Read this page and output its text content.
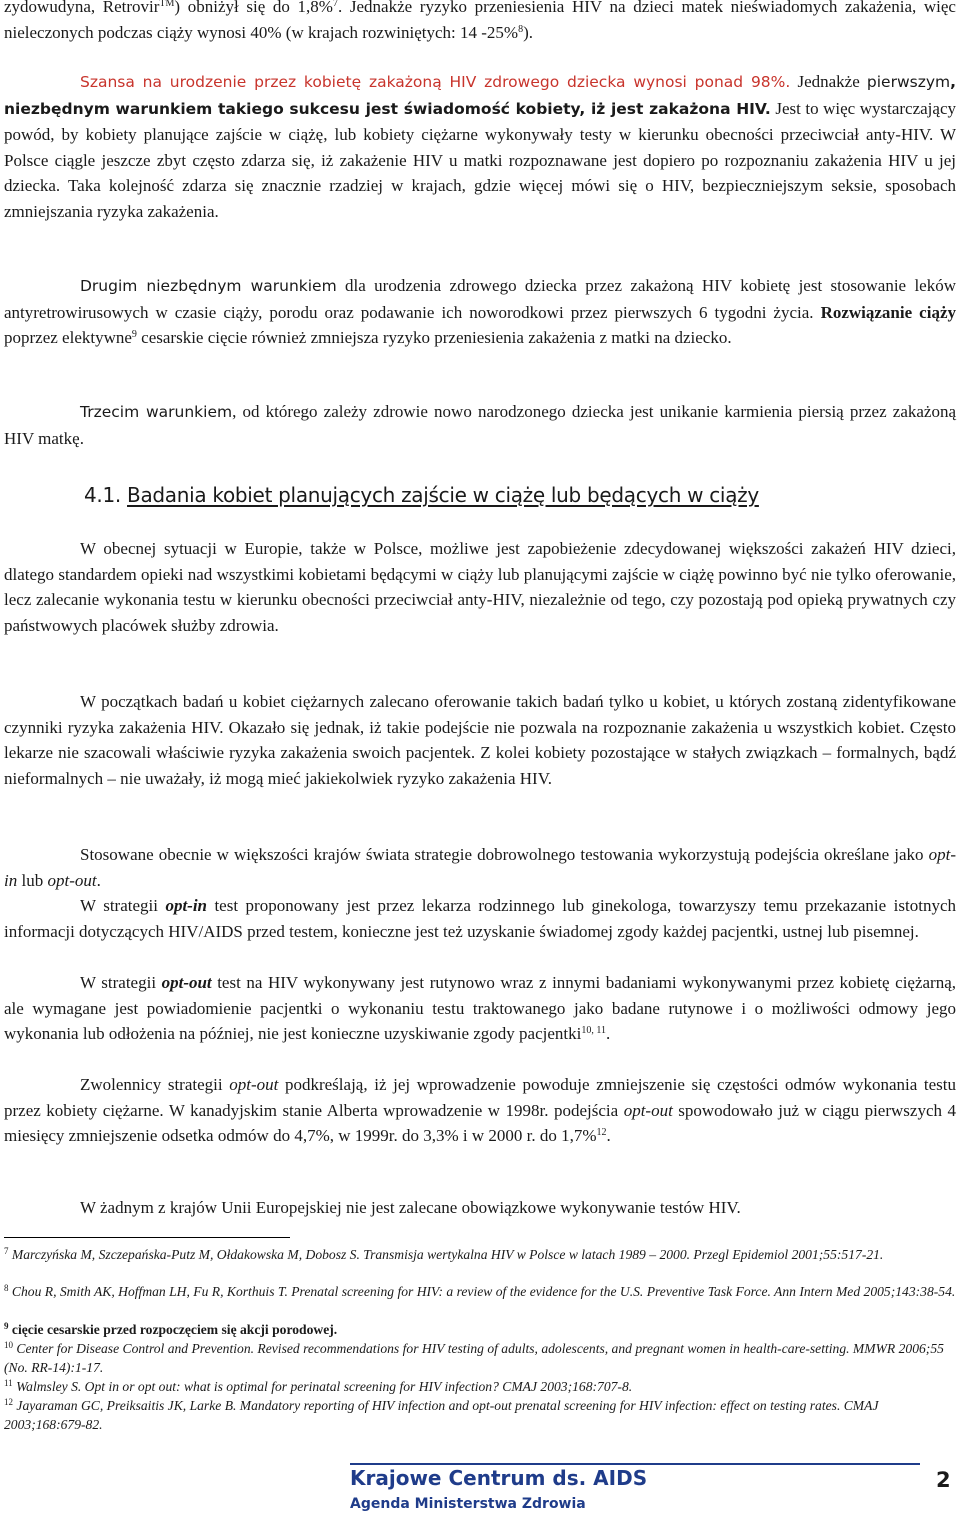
zydowudyna, Retrovir™) obniżył się do 1,8%$^7$. Jednakże ryzyko przeniesienia HIV na dzieci matek nieświadomych zakażenia, więc nieleczonych podczas ciąży wynosi 40% (w krajach rozwiniętych: 14 -25%$^8$).

Szansa na urodzenie przez kobietę zakażoną HIV zdrowego dziecka wynosi ponad 98%. Jednakże pierwszym, niezbędnym warunkiem takiego sukcesu jest świadomość kobiety, iż jest zakażona HIV. Jest to więc wystarczający powód, by kobiety planujące zajście w ciążę, lub kobiety ciężarne wykonywały testy w kierunku obecności przeciwciał anty-HIV. W Polsce ciągle jeszcze zbyt często zdarza się, iż zakażenie HIV u matki rozpoznawane jest dopiero po rozpoznaniu zakażenia HIV u jej dziecka. Taka kolejność zdarza się znacznie rzadziej w krajach, gdzie więcej mówi się o HIV, bezpieczniejszym seksie, sposobach zmniejszania ryzyka zakażenia.

Drugim niezbędnym warunkiem dla urodzenia zdrowego dziecka przez zakażoną HIV kobietę jest stosowanie leków antyretrowirusowych w czasie ciąży, porodu oraz podawanie ich noworodkowi przez pierwszych 6 tygodni życia. Rozwiązanie ciąży poprzez elektywne$^9$ cesarskie cięcie również zmniejsza ryzyko przeniesienia zakażenia z matki na dziecko.

Trzecim warunkiem, od którego zależy zdrowie nowo narodzonego dziecka jest unikanie karmienia piersią przez zakażoną HIV matkę.

4.1. Badania kobiet planujących zajście w ciążę lub będących w ciąży

W obecnej sytuacji w Europie, także w Polsce, możliwe jest zapobieżenie zdecydowanej większości zakażeń HIV dzieci, dlatego standardem opieki nad wszystkimi kobietami będącymi w ciąży lub planującymi zajście w ciążę powinno być nie tylko oferowanie, lecz zalecanie wykonania testu w kierunku obecności przeciwciał anty-HIV, niezależnie od tego, czy pozostają pod opieką prywatnych czy państwowych placówek służby zdrowia.

W początkach badań u kobiet ciężarnych zalecano oferowanie takich badań tylko u kobiet, u których zostaną zidentyfikowane czynniki ryzyka zakażenia HIV. Okazało się jednak, iż takie podejście nie pozwala na rozpoznanie zakażenia u wszystkich kobiet. Często lekarze nie szacowali właściwie ryzyka zakażenia swoich pacjentek. Z kolei kobiety pozostające w stałych związkach – formalnych, bądź nieformalnych – nie uważały, iż mogą mieć jakiekolwiek ryzyko zakażenia HIV.

Stosowane obecnie w większości krajów świata strategie dobrowolnego testowania wykorzystują podejścia określane jako opt-in lub opt-out.

W strategii opt-in test proponowany jest przez lekarza rodzinnego lub ginekologa, towarzyszy temu przekazanie istotnych informacji dotyczących HIV/AIDS przed testem, konieczne jest też uzyskanie świadomej zgody każdej pacjentki, ustnej lub pisemnej.

W strategii opt-out test na HIV wykonywany jest rutynowo wraz z innymi badaniami wykonywanymi przez kobietę ciężarną, ale wymagane jest powiadomienie pacjentki o wykonaniu testu traktowanego jako badane rutynowe i o możliwości odmowy jego wykonania lub odłożenia na później, nie jest konieczne uzyskiwanie zgody pacjentki$^{10, 11}$.

Zwolennicy strategii opt-out podkreślają, iż jej wprowadzenie powoduje zmniejszenie się częstości odmów wykonania testu przez kobiety ciężarne. W kanadyjskim stanie Alberta wprowadzenie w 1998r. podejścia opt-out spowodowało już w ciągu pierwszych 4 miesięcy zmniejszenie odsetka odmów do 4,7%, w 1999r. do 3,3% i w 2000 r. do 1,7%$^{12}$.

W żadnym z krajów Unii Europejskiej nie jest zalecane obowiązkowe wykonywanie testów HIV.

$^7$ Marczyńska M, Szczepańska-Putz M, Ołdakowska M, Dobosz S. Transmisja wertykalna HIV w Polsce w latach 1989 – 2000. Przegl Epidemiol 2001;55:517-21.

$^8$ Chou R, Smith AK, Hoffman LH, Fu R, Korthuis T. Prenatal screening for HIV: a review of the evidence for the U.S. Preventive Task Force. Ann Intern Med 2005;143:38-54.

$^9$ cięcie cesarskie przed rozpoczęciem się akcji porodowej.

$^{10}$ Center for Disease Control and Prevention. Revised recommendations for HIV testing of adults, adolescents, and pregnant women in health-care-setting. MMWR 2006;55 (No. RR-14):1-17.

$^{11}$ Walmsley S. Opt in or opt out: what is optimal for perinatal screening for HIV infection? CMAJ 2003;168:707-8.

$^{12}$ Jayaraman GC, Preiksaitis JK, Larke B. Mandatory reporting of HIV infection and opt-out prenatal screening for HIV infection: effect on testing rates. CMAJ 2003;168:679-82.

Krajowe Centrum ds. AIDS

Agenda Ministerstwa Zdrowia

2
